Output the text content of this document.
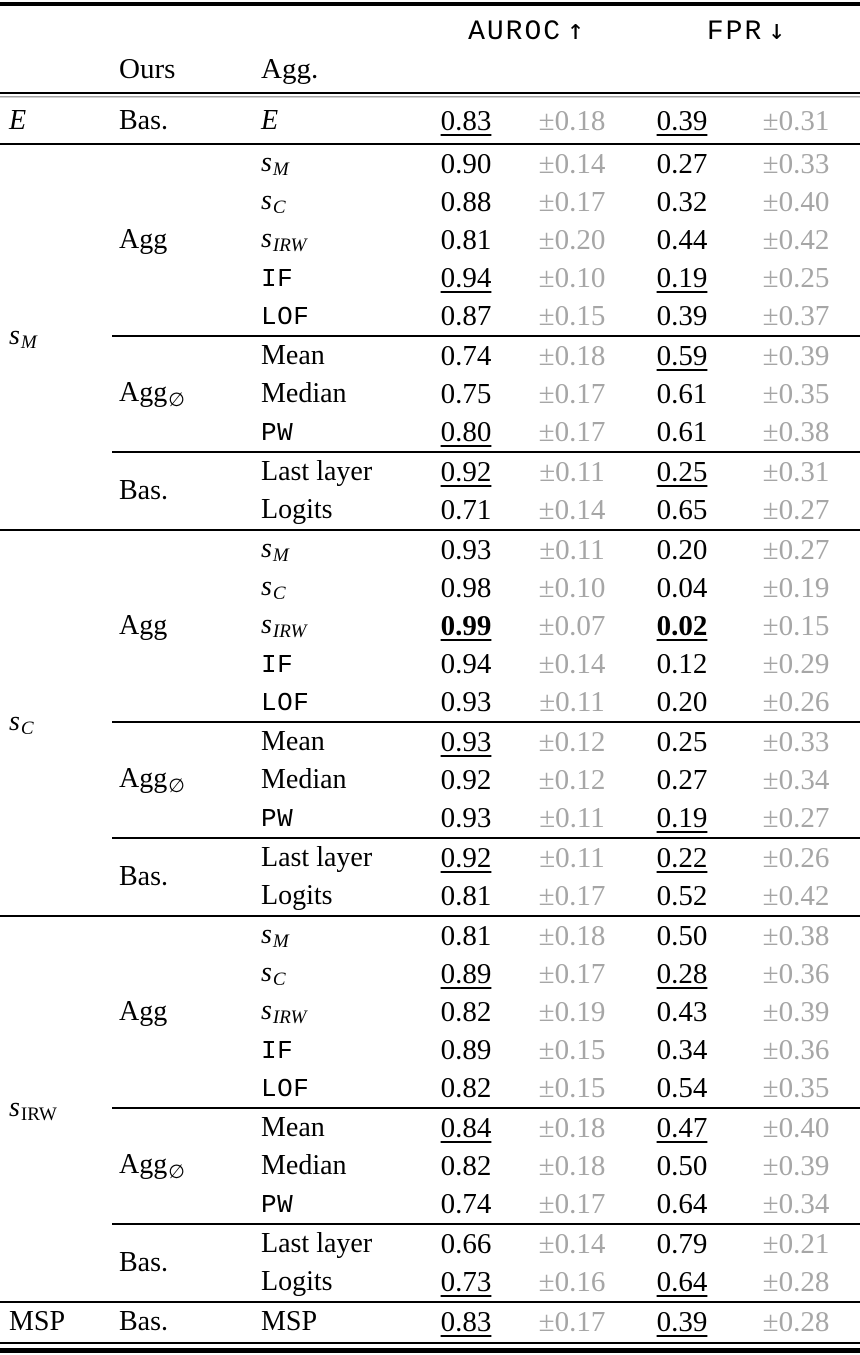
			AUROC ↑		FPR ↓	
	Ours	Agg.				

E	Bas.	E	0.83	±0.18	0.39	±0.31
$s_M$	Agg	$s_M$	0.90	±0.14	0.27	±0.33
		$s_C$	0.88	±0.17	0.32	±0.40
		$s_{IRW}$	0.81	±0.20	0.44	±0.42
		IF	0.94	±0.10	0.19	±0.25
		LOF	0.87	±0.15	0.39	±0.37
	Agg$_\emptyset$	Mean	0.74	±0.18	0.59	±0.39
		Median	0.75	±0.17	0.61	±0.35
		PW	0.80	±0.17	0.61	±0.38
	Bas.	Last layer	0.92	±0.11	0.25	±0.31
		Logits	0.71	±0.14	0.65	±0.27
$s_C$	Agg	$s_M$	0.93	±0.11	0.20	±0.27
		$s_C$	0.98	±0.10	0.04	±0.19
		$s_{IRW}$	0.99	±0.07	0.02	±0.15
		IF	0.94	±0.14	0.12	±0.29
		LOF	0.93	±0.11	0.20	±0.26
	Agg$_\emptyset$	Mean	0.93	±0.12	0.25	±0.33
		Median	0.92	±0.12	0.27	±0.34
		PW	0.93	±0.11	0.19	±0.27
	Bas.	Last layer	0.92	±0.11	0.22	±0.26
		Logits	0.81	±0.17	0.52	±0.42
$s_{IRW}$	Agg	$s_M$	0.81	±0.18	0.50	±0.38
		$s_C$	0.89	±0.17	0.28	±0.36
		$s_{IRW}$	0.82	±0.19	0.43	±0.39
		IF	0.89	±0.15	0.34	±0.36
		LOF	0.82	±0.15	0.54	±0.35
	Agg$_\emptyset$	Mean	0.84	±0.18	0.47	±0.40
		Median	0.82	±0.18	0.50	±0.39
		PW	0.74	±0.17	0.64	±0.34
	Bas.	Last layer	0.66	±0.14	0.79	±0.21
		Logits	0.73	±0.16	0.64	±0.28
MSP	Bas.	MSP	0.83	±0.17	0.39	±0.28
